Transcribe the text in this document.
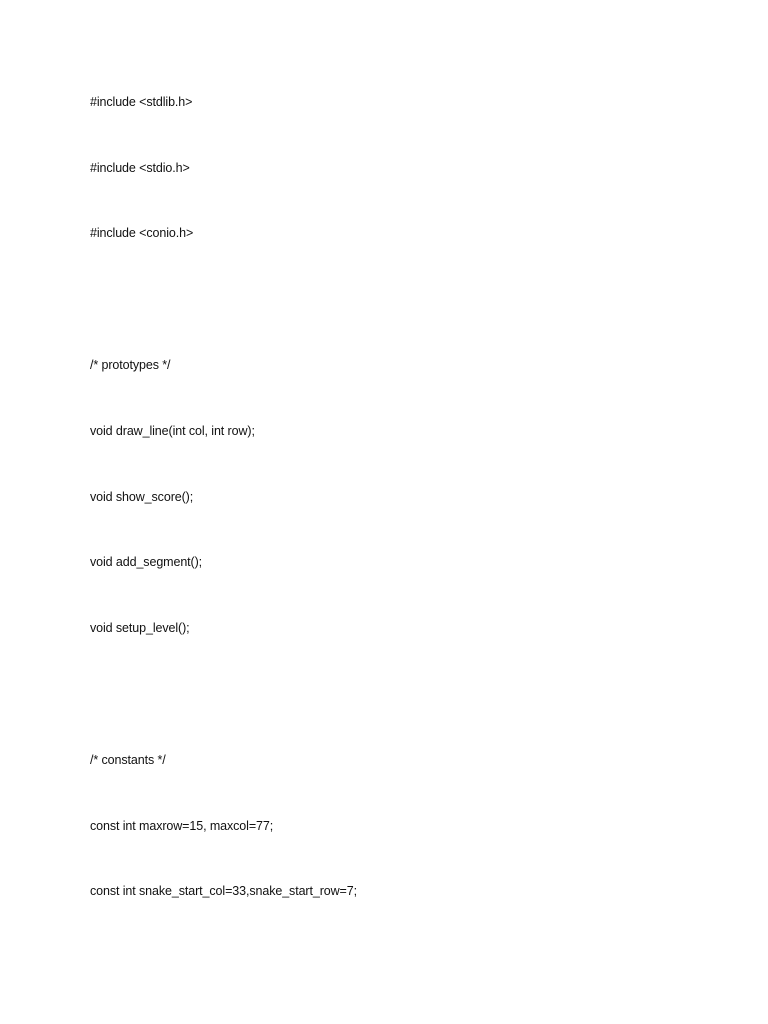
#include <stdlib.h>
#include <stdio.h>
#include <conio.h>
/* prototypes */
void draw_line(int col, int row);
void show_score();
void add_segment();
void setup_level();
/* constants */
const int maxrow=15, maxcol=77;
const int snake_start_col=33,snake_start_row=7;
